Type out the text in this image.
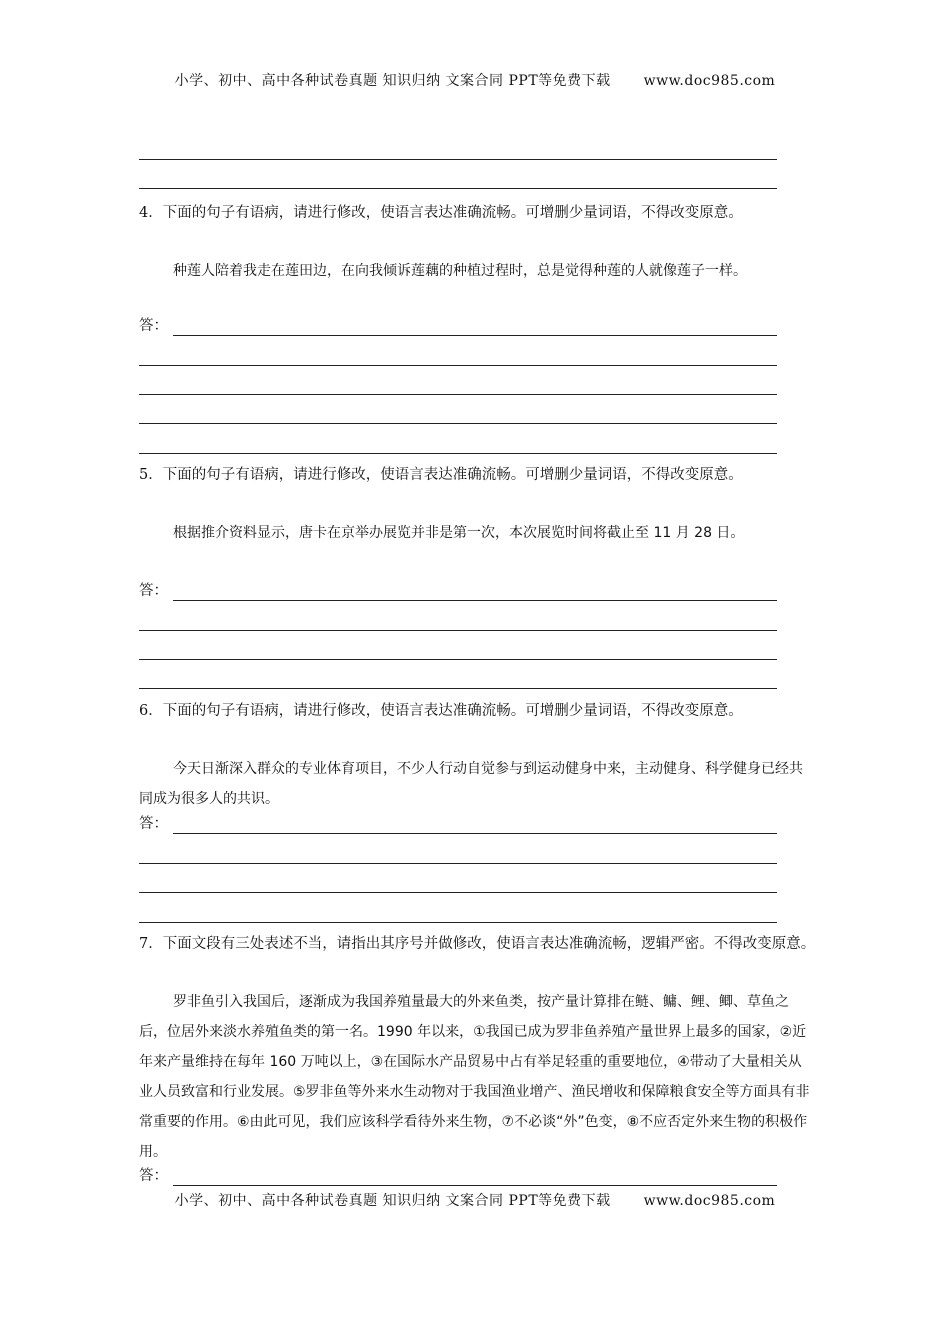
小学、初中、高中各种试卷真题 知识归纳 文案合同 PPT等免费下载 www.doc985.com
4．下面的句子有语病，请进行修改，使语言表达准确流畅。可增删少量词语，不得改变原意。
种莲人陪着我走在莲田边，在向我倾诉莲藕的种植过程时，总是觉得种莲的人就像莲子一样。
答：
5．下面的句子有语病，请进行修改，使语言表达准确流畅。可增删少量词语，不得改变原意。
根据推介资料显示，唐卡在京举办展览并非是第一次，本次展览时间将截止至 11 月 28 日。
答：
6．下面的句子有语病，请进行修改，使语言表达准确流畅。可增删少量词语，不得改变原意。
今天日渐深入群众的专业体育项目，不少人行动自觉参与到运动健身中来，主动健身、科学健身已经共同成为很多人的共识。
答：
7．下面文段有三处表述不当，请指出其序号并做修改，使语言表达准确流畅，逻辑严密。不得改变原意。
罗非鱼引入我国后，逐渐成为我国养殖量最大的外来鱼类，按产量计算排在鲢、鳙、鲤、鲫、草鱼之后，位居外来淡水养殖鱼类的第一名。1990 年以来，①我国已成为罗非鱼养殖产量世界上最多的国家，②近年来产量维持在每年 160 万吨以上，③在国际水产品贸易中占有举足轻重的重要地位，④带动了大量相关从业人员致富和行业发展。⑤罗非鱼等外来水生动物对于我国渔业增产、渔民增收和保障粮食安全等方面具有非常重要的作用。⑥由此可见，我们应该科学看待外来生物，⑦不必谈“外”色变，⑧不应否定外来生物的积极作用。
答：
小学、初中、高中各种试卷真题 知识归纳 文案合同 PPT等免费下载 www.doc985.com
